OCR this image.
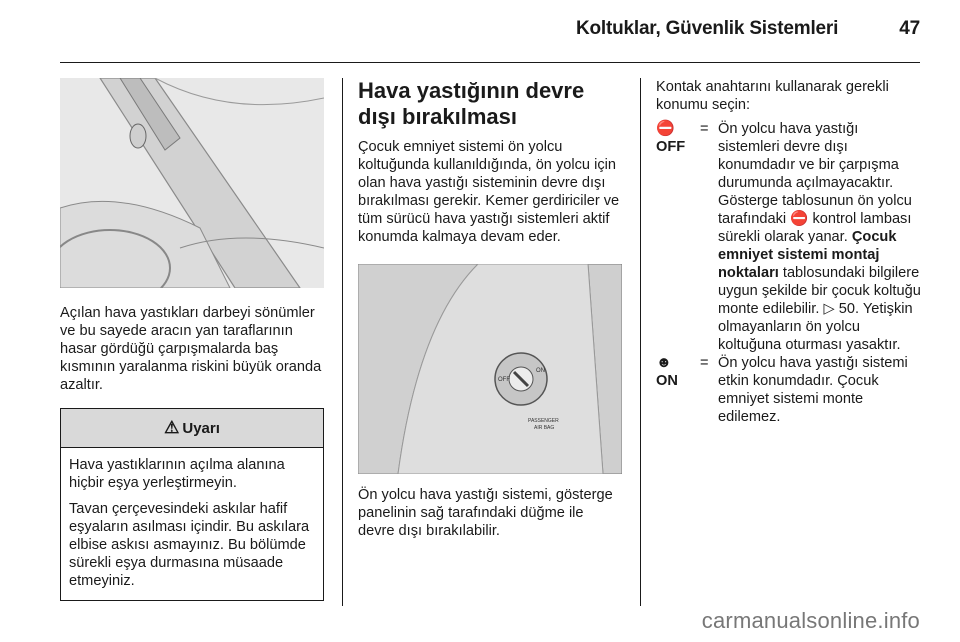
Koltuklar, Güvenlik Sistemleri	47

Açılan hava yastıkları darbeyi sönümler ve bu sayede aracın yan taraflarının hasar gördüğü çarpışmalarda baş kısmının yaralanma riskini büyük oranda azaltır.

⚠ Uyarı

Hava yastıklarının açılma alanına hiçbir eşya yerleştirmeyin.

Tavan çerçevesindeki askılar hafif eşyaların asılması içindir. Bu askılara elbise askısı asmayınız. Bu bölümde sürekli eşya durmasına müsaade etmeyiniz.

Hava yastığının devre dışı bırakılması

Çocuk emniyet sistemi ön yolcu koltuğunda kullanıldığında, ön yolcu için olan hava yastığı sisteminin devre dışı bırakılması gerekir. Kemer gerdiriciler ve tüm sürücü hava yastığı sistemleri aktif konumda kalmaya devam eder.

OFF
ON
PASSENGER
AIR BAG

Ön yolcu hava yastığı sistemi, gösterge panelinin sağ tarafındaki düğme ile devre dışı bırakılabilir.

Kontak anahtarını kullanarak gerekli konumu seçin:

⛔
OFF
= Ön yolcu hava yastığı sistemleri devre dışı konumdadır ve bir çarpışma durumunda açılmayacaktır. Gösterge tablosunun ön yolcu tarafındaki ⛔ kontrol lambası sürekli olarak yanar. Çocuk emniyet sistemi montaj noktaları tablosundaki bilgilere uygun şekilde bir çocuk koltuğu monte edilebilir. ▷ 50. Yetişkin olmayanların ön yolcu koltuğuna oturması yasaktır.
☻
ON
= Ön yolcu hava yastığı sistemi etkin konumdadır. Çocuk emniyet sistemi monte edilemez.
carmanualsonline.info
